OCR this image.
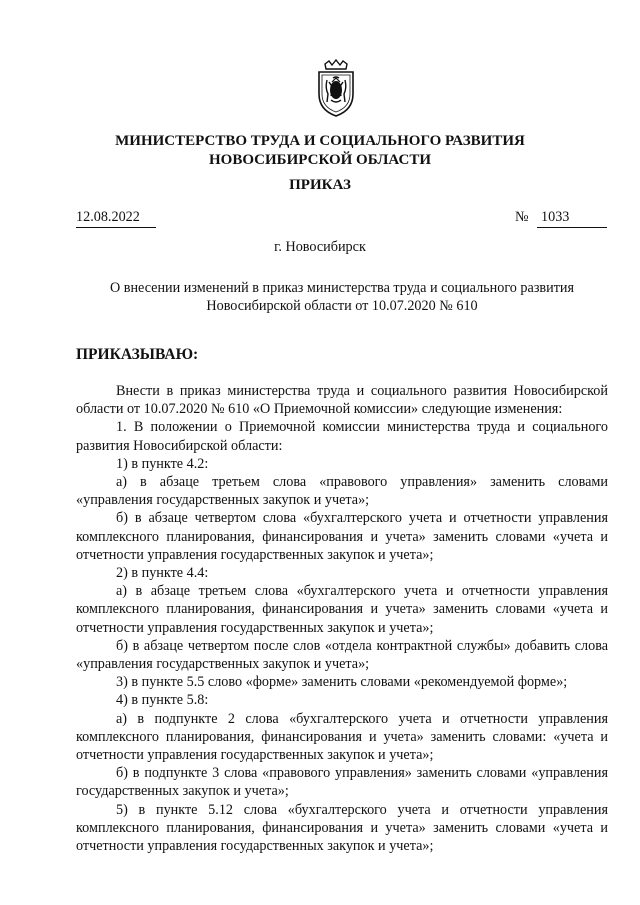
МИНИСТЕРСТВО ТРУДА И СОЦИАЛЬНОГО РАЗВИТИЯ
НОВОСИБИРСКОЙ ОБЛАСТИ
ПРИКАЗ
12.08.2022	№ 1033
г. Новосибирск
О внесении изменений в приказ министерства труда и социального развития
Новосибирской области от 10.07.2020 № 610
ПРИКАЗЫВАЮ:

Внести в приказ министерства труда и социального развития Новосибирской области от 10.07.2020 № 610 «О Приемочной комиссии» следующие изменения:

1. В положении о Приемочной комиссии министерства труда и социального развития Новосибирской области:

1) в пункте 4.2:

а) в абзаце третьем слова «правового управления» заменить словами «управления государственных закупок и учета»;

б) в абзаце четвертом слова «бухгалтерского учета и отчетности управления комплексного планирования, финансирования и учета» заменить словами «учета и отчетности управления государственных закупок и учета»;

2) в пункте 4.4:

а) в абзаце третьем слова «бухгалтерского учета и отчетности управления комплексного планирования, финансирования и учета» заменить словами «учета и отчетности управления государственных закупок и учета»;

б) в абзаце четвертом после слов «отдела контрактной службы» добавить слова «управления государственных закупок и учета»;

3) в пункте 5.5 слово «форме» заменить словами «рекомендуемой форме»;

4) в пункте 5.8:

а) в подпункте 2 слова «бухгалтерского учета и отчетности управления комплексного планирования, финансирования и учета» заменить словами: «учета и отчетности управления государственных закупок и учета»;

б) в подпункте 3 слова «правового управления» заменить словами «управления государственных закупок и учета»;

5) в пункте 5.12 слова «бухгалтерского учета и отчетности управления комплексного планирования, финансирования и учета» заменить словами «учета и отчетности управления государственных закупок и учета»;
